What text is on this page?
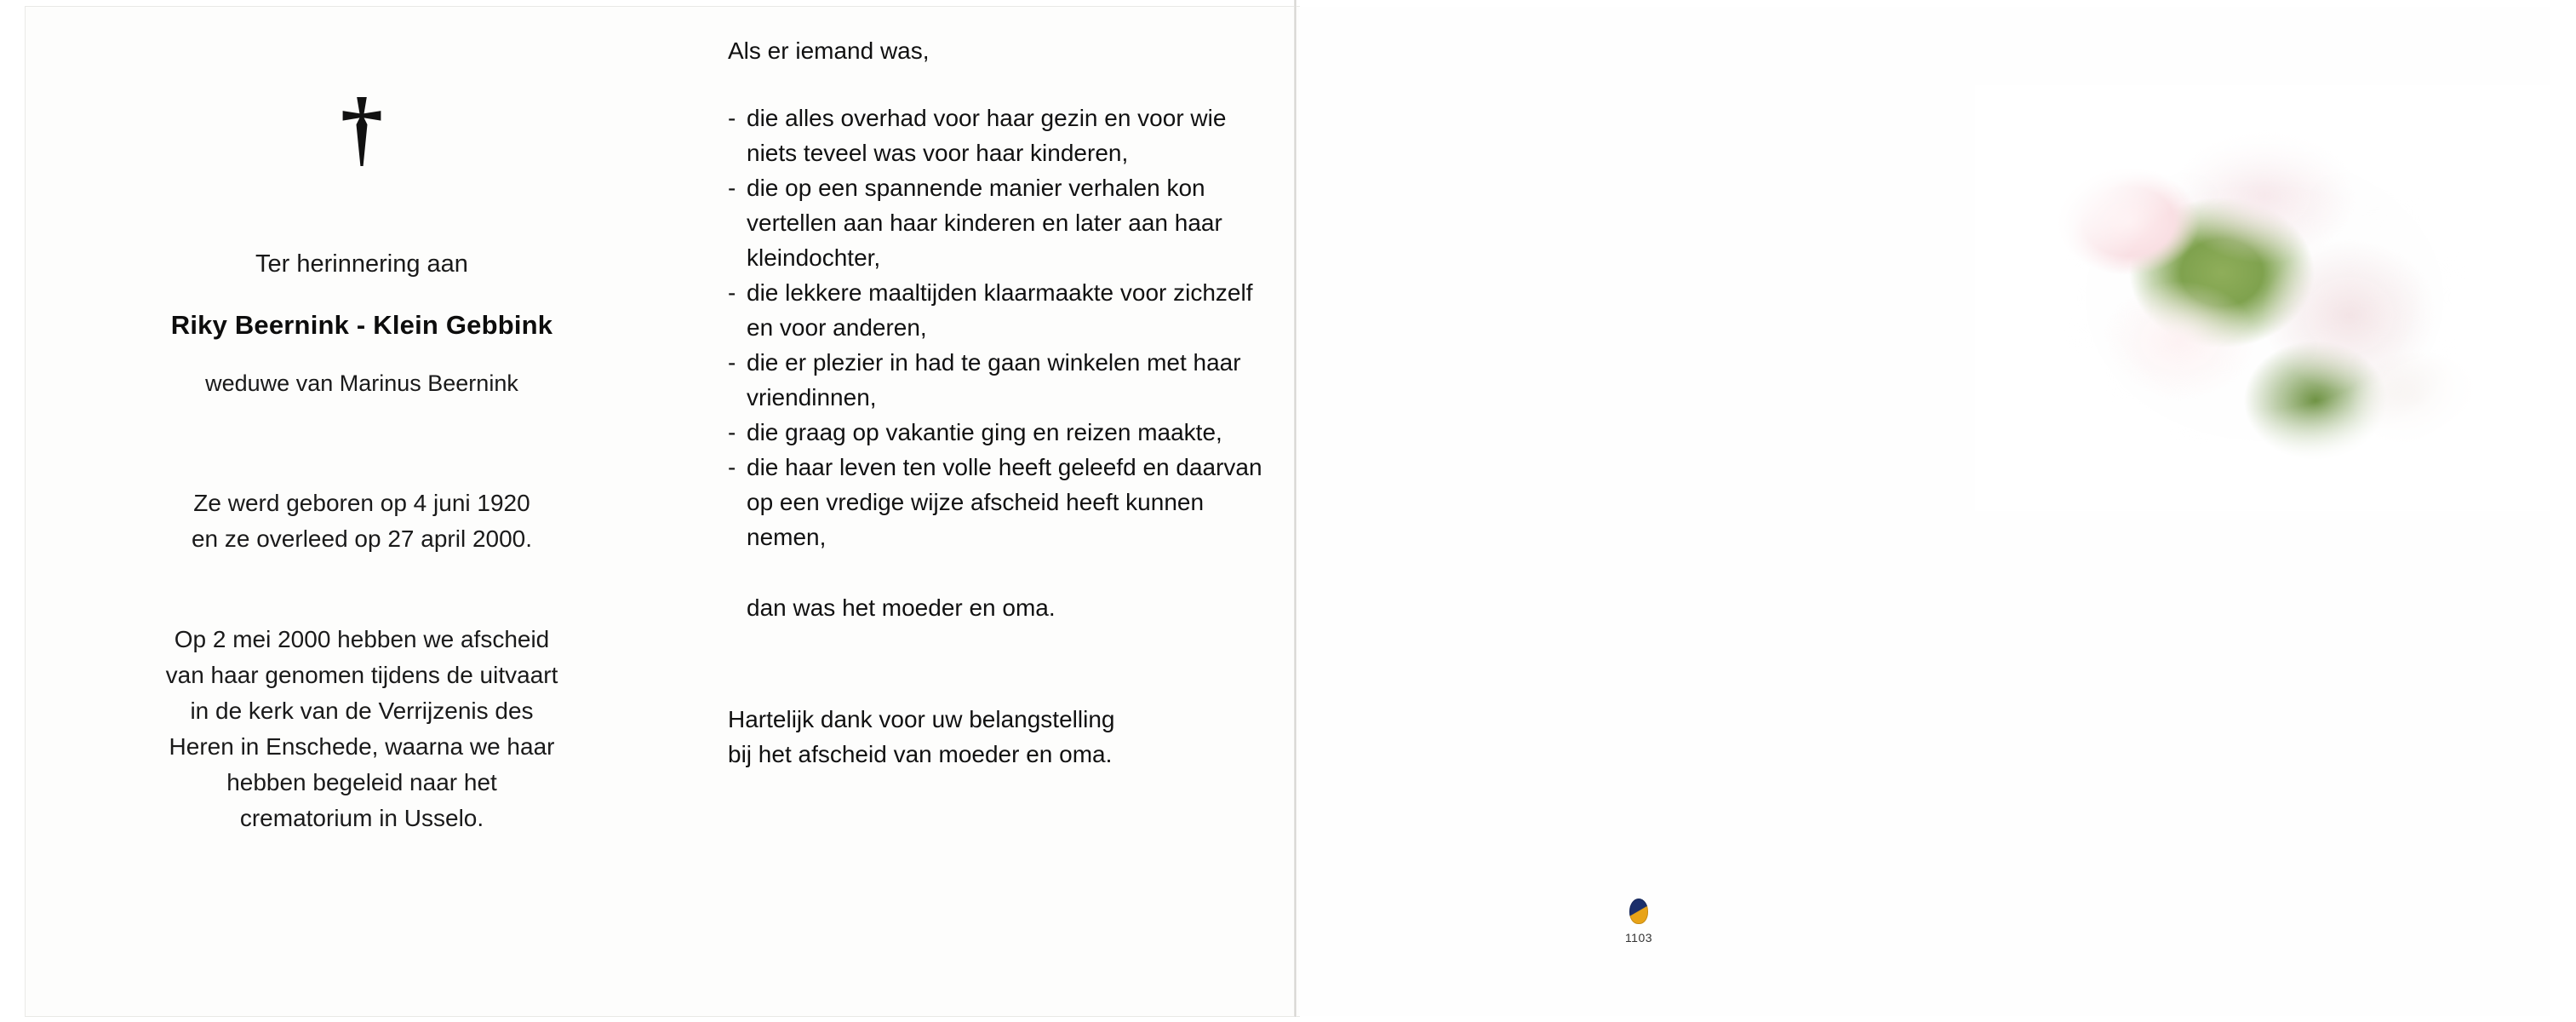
†
Ter herinnering aan
Riky Beernink - Klein Gebbink
weduwe van Marinus Beernink
Ze werd geboren op 4 juni 1920
en ze overleed op 27 april 2000.
Op 2 mei 2000 hebben we afscheid
van haar genomen tijdens de uitvaart
in de kerk van de Verrijzenis des
Heren in Enschede, waarna we haar
hebben begeleid naar het
crematorium in Usselo.

Als er iemand was,

- die alles overhad voor haar gezin en voor wie niets teveel was voor haar kinderen,
- die op een spannende manier verhalen kon vertellen aan haar kinderen en later aan haar kleindochter,
- die lekkere maaltijden klaarmaakte voor zichzelf en voor anderen,
- die er plezier in had te gaan winkelen met haar vriendinnen,
- die graag op vakantie ging en reizen maakte,
- die haar leven ten volle heeft geleefd en daarvan op een vredige wijze afscheid heeft kunnen nemen,
dan was het moeder en oma.
Hartelijk dank voor uw belangstelling
bij het afscheid van moeder en oma.
1103
